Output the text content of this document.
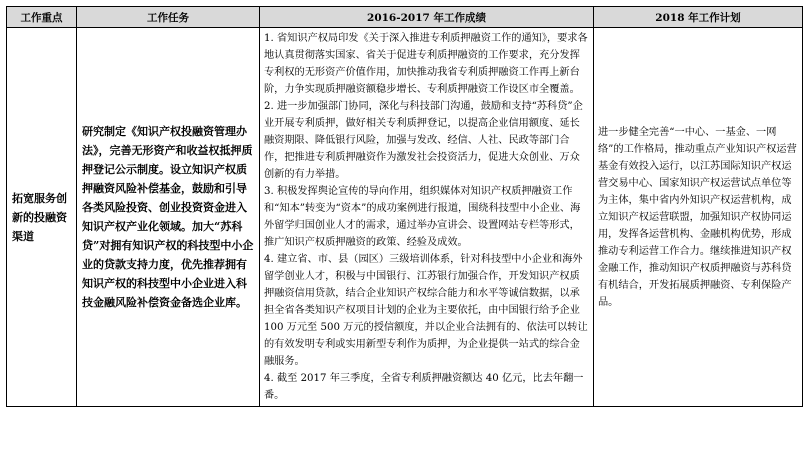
工作重点	工作任务	2016-2017 年工作成绩	2018 年工作计划
拓宽服务创新的投融资渠道	研究制定《知识产权投融资管理办法》，完善无形资产和收益权抵押质押登记公示制度。设立知识产权质押融资风险补偿基金，鼓励和引导各类风险投资、创业投资资金进入知识产权产业化领域。加大“苏科贷”对拥有知识产权的科技型中小企业的贷款支持力度，优先推荐拥有知识产权的科技型中小企业进入科技金融风险补偿资金备选企业库。	1. 省知识产权局印发《关于深入推进专利质押融资工作的通知》，要求各地认真贯彻落实国家、省关于促进专利质押融资的工作要求，充分发挥专利权的无形资产价值作用，加快推动我省专利质押融资工作再上新台阶，力争实现质押融资额稳步增长、专利质押融资工作设区市全覆盖。

2. 进一步加强部门协同，深化与科技部门沟通，鼓励和支持“苏科贷”企业开展专利质押，做好相关专利质押登记，以提高企业信用额度、延长融资期限、降低银行风险，加强与发改、经信、人社、民政等部门合作，把推进专利质押融资作为激发社会投资活力，促进大众创业、万众创新的有力举措。

3. 积极发挥舆论宣传的导向作用，组织媒体对知识产权质押融资工作和“知本”转变为“资本”的成功案例进行报道，围绕科技型中小企业、海外留学归国创业人才的需求，通过举办宣讲会、设置网站专栏等形式，推广知识产权质押融资的政策、经验及成效。

4. 建立省、市、县（园区）三级培训体系，针对科技型中小企业和海外留学创业人才，积极与中国银行、江苏银行加强合作，开发知识产权质押融资信用贷款，结合企业知识产权综合能力和水平等诚信数据，以承担全省各类知识产权项目计划的企业为主要依托，由中国银行给予企业 100 万元至 500 万元的授信额度，并以企业合法拥有的、依法可以转让的有效发明专利或实用新型专利作为质押，为企业提供一站式的综合金融服务。

4. 截至 2017 年三季度，全省专利质押融资额达 40 亿元，比去年翻一番。	进一步健全完善“一中心、一基金、一网络”的工作格局，推动重点产业知识产权运营基金有效投入运行，以江苏国际知识产权运营交易中心、国家知识产权运营试点单位等为主体，集中省内外知识产权运营机构，成立知识产权运营联盟，加强知识产权协同运用，发挥各运营机构、金融机构优势，形成推动专利运营工作合力。继续推进知识产权金融工作，推动知识产权质押融资与苏科贷有机结合，开发拓展质押融资、专利保险产品。
